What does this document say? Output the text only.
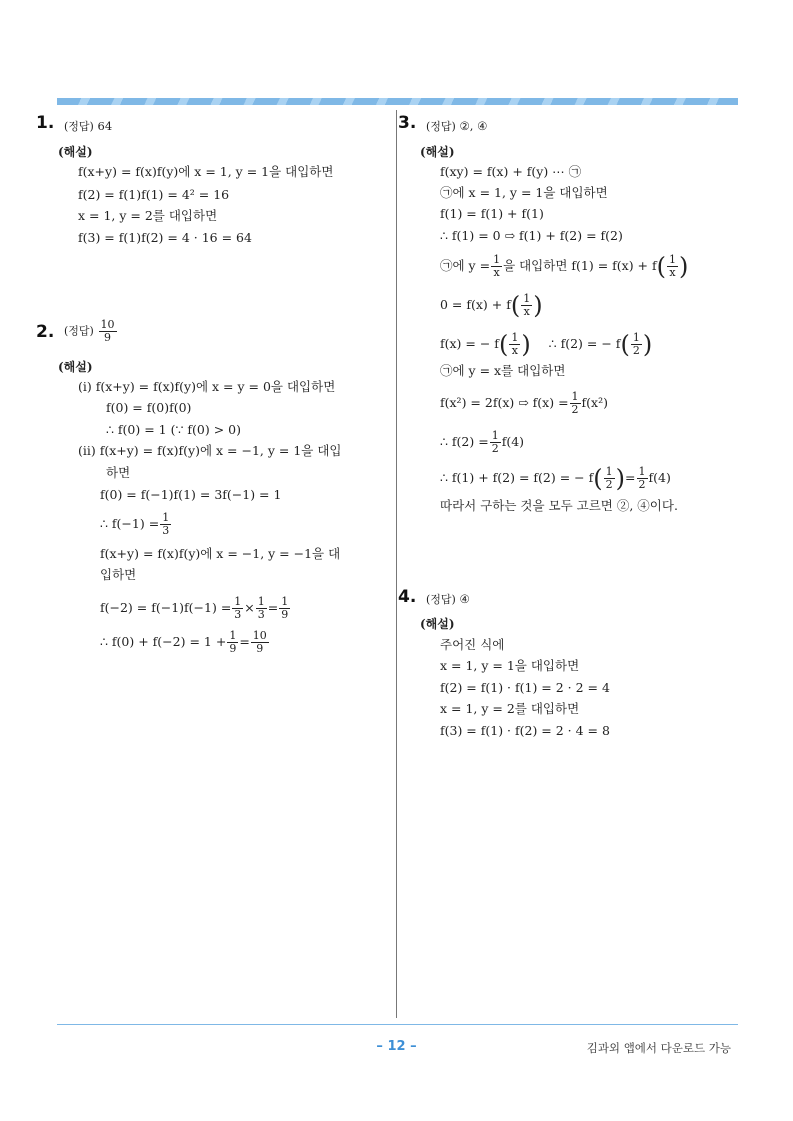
1. (정답) 64
(해설)
f(x+y) = f(x)f(y)에 x = 1, y = 1을 대입하면
f(2) = f(1)f(1) = 4² = 16
x = 1, y = 2를 대입하면
f(3) = f(1)f(2) = 4 · 16 = 64
2. (정답) $\frac{10}{9}$
(해설)
(ⅰ) f(x+y) = f(x)f(y)에 x = y = 0을 대입하면
f(0) = f(0)f(0)
∴ f(0) = 1 (∵ f(0) > 0)
(ⅱ) f(x+y) = f(x)f(y)에 x = −1, y = 1을 대입
하면
f(0) = f(−1)f(1) = 3f(−1) = 1
∴ $f(-1) = \frac{1}{3}$
f(x+y) = f(x)f(y)에 x = −1, y = −1을 대
입하면
$f(-2) = f(-1)f(-1) = \frac{1}{3} \times \frac{1}{3} = \frac{1}{9}$
∴ $f(0) + f(-2) = 1 + \frac{1}{9} = \frac{10}{9}$
3. (정답) ②, ④
(해설)
f(xy) = f(x) + f(y) ⋯ ㉠
㉠에 x = 1, y = 1을 대입하면
f(1) = f(1) + f(1)
∴ f(1) = 0 ⇨ f(1) + f(2) = f(2)
㉠에 $y = \frac{1}{x}$ 을 대입하면 $f(1) = f(x) + f( \frac{1}{x}$ )
$0 = f(x) + f( \frac{1}{x}$ )
f(x) = − $f( \frac{1}{x}$ ) ∴ f(2) = − $f( \frac{1}{2}$ )
㉠에 y = x를 대입하면
f(x²) = 2f(x) ⇨ $f(x) = \frac{1}{2} f(x^2)$
∴ $f(2) = \frac{1}{2} f(4)$
∴ f(1) + f(2) = f(2) = − $f( \frac{1}{2}$ )= $\frac{1}{2} f(4)$
따라서 구하는 것을 모두 고르면 ②, ④이다.
4. (정답) ④
(해설)
주어진 식에
x = 1, y = 1을 대입하면
f(2) = f(1) · f(1) = 2 · 2 = 4
x = 1, y = 2를 대입하면
f(3) = f(1) · f(2) = 2 · 4 = 8
– 12 –	김과외 앱에서 다운로드 가능
